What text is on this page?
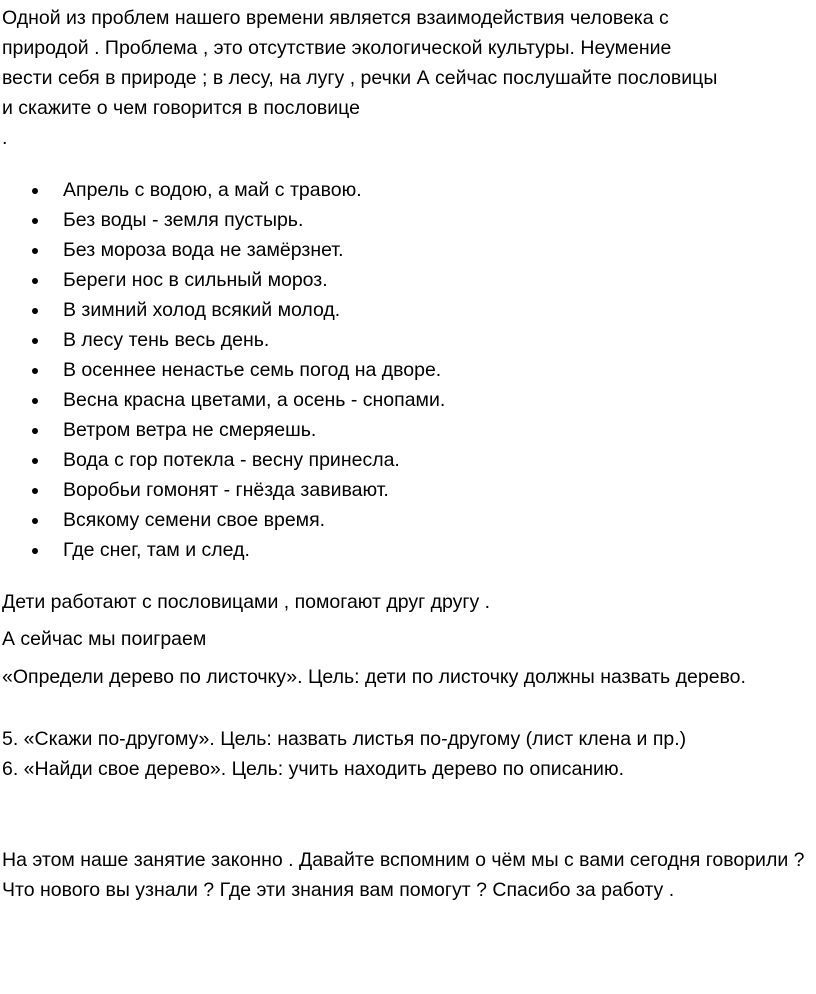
Одной из проблем нашего времени является взаимодействия человека с

природой . Проблема , это отсутствие экологической культуры. Неумение

вести себя в природе ; в лесу, на лугу , речки А сейчас послушайте пословицы

и скажите о чем говорится в пословице

.

Апрель с водою, а май с травою.
Без воды - земля пустырь.
Без мороза вода не замёрзнет.
Береги нос в сильный мороз.
В зимний холод всякий молод.
В лесу тень весь день.
В осеннее ненастье семь погод на дворе.
Весна красна цветами, а осень - снопами.
Ветром ветра не смеряешь.
Вода с гор потекла - весну принесла.
Воробьи гомонят - гнёзда завивают.
Всякому семени свое время.
Где снег, там и след.

Дети работают с пословицами , помогают друг другу .

А сейчас мы поиграем

«Определи дерево по листочку». Цель: дети по листочку должны назвать дерево.

5. «Скажи по-другому». Цель: назвать листья по-другому (лист клена и пр.)

6. «Найди свое дерево». Цель: учить находить дерево по описанию.

На этом наше занятие законно . Давайте вспомним о чём мы с вами сегодня говорили ? Что нового вы узнали ? Где эти знания вам помогут ? Спасибо за работу .
